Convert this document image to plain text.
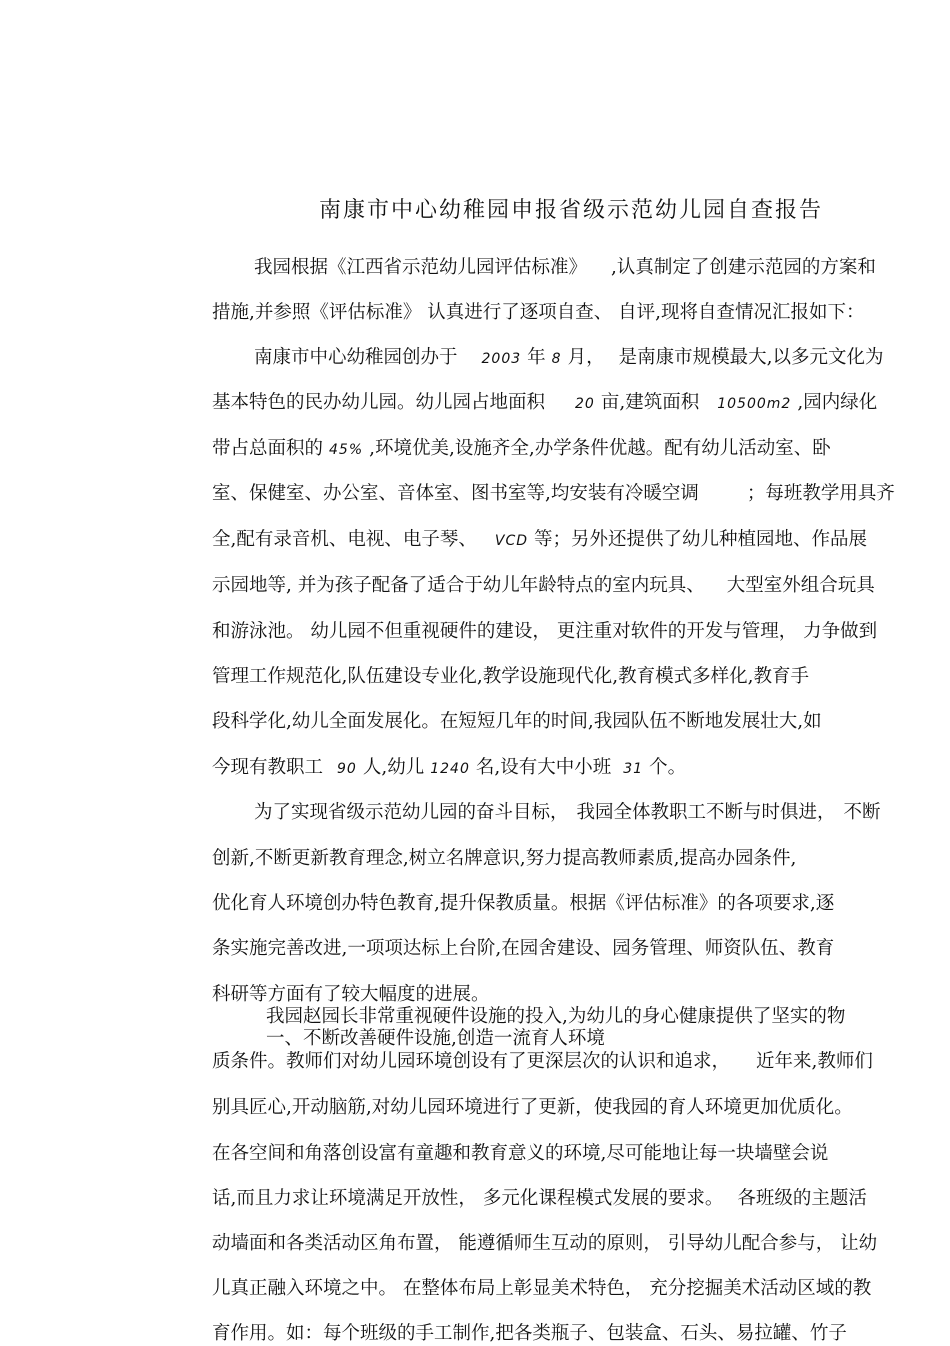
南康市中心幼稚园申报省级示范幼儿园自查报告
我园根据《江西省示范幼儿园评估标准》 ,认真制定了创建示范园的方案和
措施,并参照《评估标准》 认真进行了逐项自查、 自评,现将自查情况汇报如下：
南康市中心幼稚园创办于 2003 年 8 月， 是南康市规模最大,以多元文化为
基本特色的民办幼儿园。幼儿园占地面积 20 亩,建筑面积 10500m2 ,园内绿化
带占总面积的 45% ,环境优美,设施齐全,办学条件优越。配有幼儿活动室、卧
室、保健室、办公室、音体室、图书室等,均安装有冷暖空调	；每班教学用具齐
全,配有录音机、电视、电子琴、 VCD 等；另外还提供了幼儿种植园地、作品展
示园地等, 并为孩子配备了适合于幼儿年龄特点的室内玩具、 大型室外组合玩具
和游泳池。 幼儿园不但重视硬件的建设， 更注重对软件的开发与管理， 力争做到
管理工作规范化,队伍建设专业化,教学设施现代化,教育模式多样化,教育手
段科学化,幼儿全面发展化。在短短几年的时间,我园队伍不断地发展壮大,如
今现有教职工 90 人,幼儿 1240 名,设有大中小班 31 个。
为了实现省级示范幼儿园的奋斗目标， 我园全体教职工不断与时俱进， 不断
创新,不断更新教育理念,树立名牌意识,努力提高教师素质,提高办园条件,
优化育人环境创办特色教育,提升保教质量。根据《评估标准》的各项要求,逐
条实施完善改进,一项项达标上台阶,在园舍建设、园务管理、师资队伍、教育
科研等方面有了较大幅度的进展。
我园赵园长非常重视硬件设施的投入,为幼儿的身心健康提供了坚实的物
一、不断改善硬件设施,创造一流育人环境
质条件。教师们对幼儿园环境创设有了更深层次的认识和追求， 近年来,教师们
别具匠心,开动脑筋,对幼儿园环境进行了更新，使我园的育人环境更加优质化。
在各空间和角落创设富有童趣和教育意义的环境,尽可能地让每一块墙壁会说
话,而且力求让环境满足开放性， 多元化课程模式发展的要求。 各班级的主题活
动墙面和各类活动区角布置， 能遵循师生互动的原则， 引导幼儿配合参与， 让幼
儿真正融入环境之中。 在整体布局上彰显美术特色， 充分挖掘美术活动区域的教
育作用。如：每个班级的手工制作,把各类瓶子、包装盒、石头、易拉罐、竹子
